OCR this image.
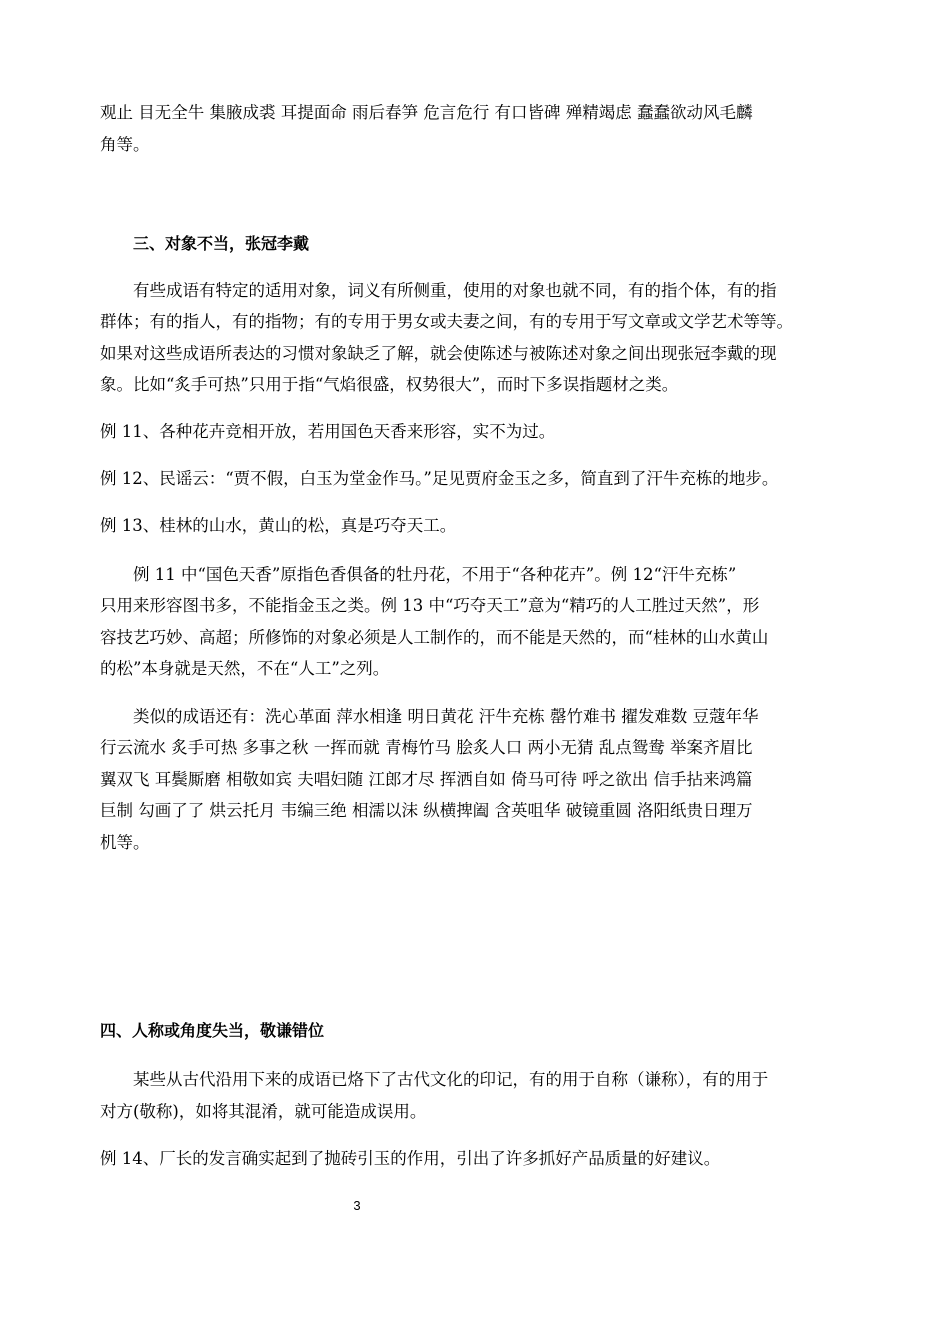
观止 目无全牛 集腋成裘 耳提面命 雨后春笋 危言危行 有口皆碑 殚精竭虑 蠢蠢欲动风毛麟
角等。
三、对象不当，张冠李戴
有些成语有特定的适用对象，词义有所侧重，使用的对象也就不同，有的指个体，有的指
群体；有的指人，有的指物；有的专用于男女或夫妻之间，有的专用于写文章或文学艺术等等。
如果对这些成语所表达的习惯对象缺乏了解，就会使陈述与被陈述对象之间出现张冠李戴的现
象。比如“炙手可热”只用于指“气焰很盛，权势很大”，而时下多误指题材之类。
例 11、各种花卉竞相开放，若用国色天香来形容，实不为过。
例 12、民谣云：“贾不假，白玉为堂金作马。”足见贾府金玉之多，简直到了汗牛充栋的地步。
例 13、桂林的山水，黄山的松，真是巧夺天工。
例 11 中“国色天香”原指色香俱备的牡丹花，不用于“各种花卉”。例 12“汗牛充栋”
只用来形容图书多，不能指金玉之类。例 13 中“巧夺天工”意为“精巧的人工胜过天然”，形
容技艺巧妙、高超；所修饰的对象必须是人工制作的，而不能是天然的，而“桂林的山水黄山
的松”本身就是天然，不在“人工”之列。
类似的成语还有：洗心革面 萍水相逢 明日黄花 汗牛充栋 罄竹难书 擢发难数 豆蔻年华
行云流水 炙手可热 多事之秋 一挥而就 青梅竹马 脍炙人口 两小无猜 乱点鸳鸯 举案齐眉比
翼双飞 耳鬓厮磨 相敬如宾 夫唱妇随 江郎才尽 挥洒自如 倚马可待 呼之欲出 信手拈来鸿篇
巨制 勾画了了 烘云托月 韦编三绝 相濡以沫 纵横捭阖 含英咀华 破镜重圆 洛阳纸贵日理万
机等。
四、人称或角度失当，敬谦错位
某些从古代沿用下来的成语已烙下了古代文化的印记，有的用于自称（谦称），有的用于
对方(敬称)，如将其混淆，就可能造成误用。
例 14、厂长的发言确实起到了抛砖引玉的作用，引出了许多抓好产品质量的好建议。
3
